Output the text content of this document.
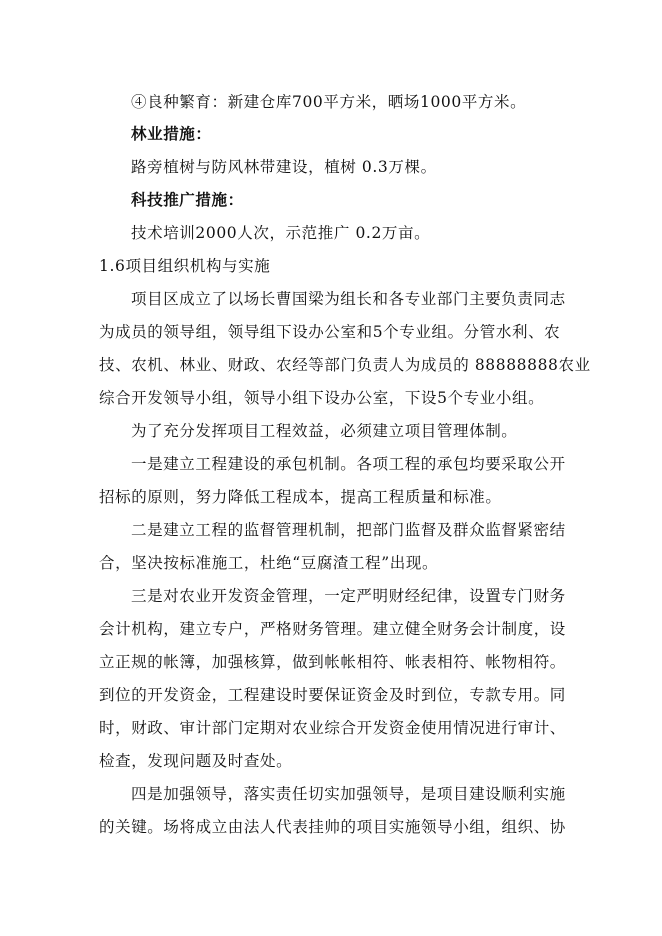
④良种繁育：新建仓库700平方米，晒场1000平方米。
林业措施：
路旁植树与防风林带建设，植树 0.3万棵。
科技推广措施：
技术培训2000人次，示范推广 0.2万亩。
1.6项目组织机构与实施
项目区成立了以场长曹国梁为组长和各专业部门主要负责同志
为成员的领导组，领导组下设办公室和5个专业组。分管水利、农
技、农机、林业、财政、农经等部门负责人为成员的 88888888农业
综合开发领导小组，领导小组下设办公室，下设5个专业小组。
为了充分发挥项目工程效益，必须建立项目管理体制。
一是建立工程建设的承包机制。各项工程的承包均要采取公开
招标的原则，努力降低工程成本，提高工程质量和标准。
二是建立工程的监督管理机制，把部门监督及群众监督紧密结
合，坚决按标准施工，杜绝“豆腐渣工程”出现。
三是对农业开发资金管理，一定严明财经纪律，设置专门财务
会计机构，建立专户，严格财务管理。建立健全财务会计制度，设
立正规的帐簿，加强核算，做到帐帐相符、帐表相符、帐物相符。
到位的开发资金，工程建设时要保证资金及时到位，专款专用。同
时，财政、审计部门定期对农业综合开发资金使用情况进行审计、
检查，发现问题及时查处。
四是加强领导，落实责任切实加强领导，是项目建设顺利实施
的关键。场将成立由法人代表挂帅的项目实施领导小组，组织、协
